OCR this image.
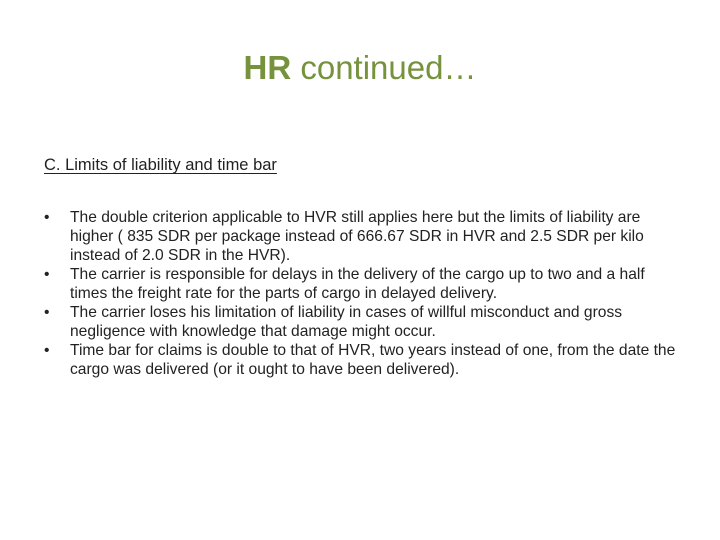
HR continued…
C. Limits of liability and time bar
•	The double criterion applicable to HVR still applies here but the limits of liability are higher ( 835 SDR per package instead of 666.67 SDR in HVR and 2.5 SDR per kilo instead of 2.0 SDR in the HVR).
•	The carrier is responsible for delays in the delivery of the cargo up to two and a half times the freight rate for the parts of cargo in delayed delivery.
•	The carrier loses his limitation of liability in cases of willful misconduct and gross negligence with knowledge that damage might occur.
•	Time bar for claims is double to that of HVR, two years instead of one, from the date the cargo was delivered (or it ought to have been delivered).
